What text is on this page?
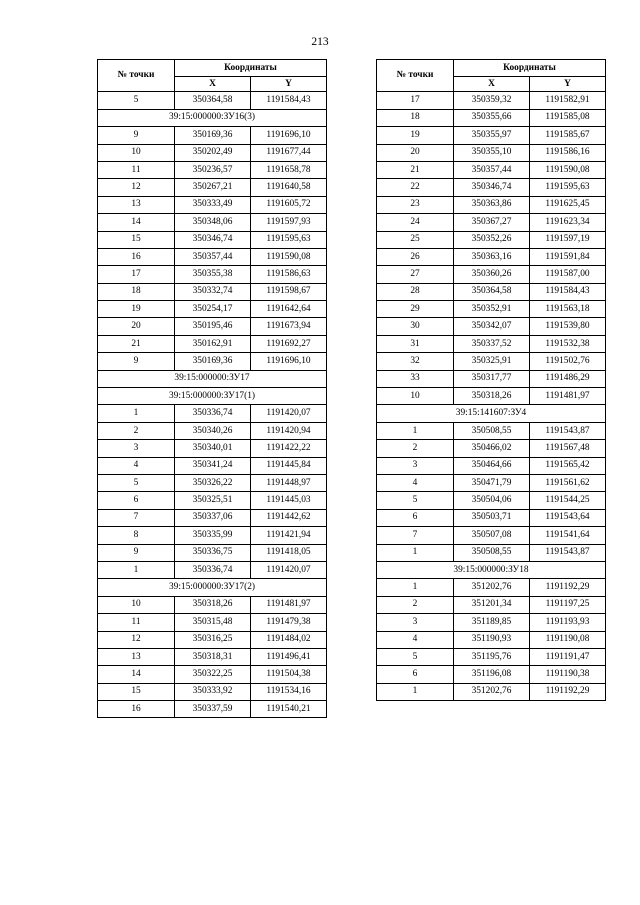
213
№ точки	Координаты	
	X	Y
5	350364,58	1191584,43
39:15:000000:ЗУ16(3)		
9	350169,36	1191696,10
10	350202,49	1191677,44
11	350236,57	1191658,78
12	350267,21	1191640,58
13	350333,49	1191605,72
14	350348,06	1191597,93
15	350346,74	1191595,63
16	350357,44	1191590,08
17	350355,38	1191586,63
18	350332,74	1191598,67
19	350254,17	1191642,64
20	350195,46	1191673,94
21	350162,91	1191692,27
9	350169,36	1191696,10
39:15:000000:ЗУ17		
39:15:000000:ЗУ17(1)		
1	350336,74	1191420,07
2	350340,26	1191420,94
3	350340,01	1191422,22
4	350341,24	1191445,84
5	350326,22	1191448,97
6	350325,51	1191445,03
7	350337,06	1191442,62
8	350335,99	1191421,94
9	350336,75	1191418,05
1	350336,74	1191420,07
39:15:000000:ЗУ17(2)		
10	350318,26	1191481,97
11	350315,48	1191479,38
12	350316,25	1191484,02
13	350318,31	1191496,41
14	350322,25	1191504,38
15	350333,92	1191534,16
16	350337,59	1191540,21
№ точки	Координаты	
	X	Y
17	350359,32	1191582,91
18	350355,66	1191585,08
19	350355,97	1191585,67
20	350355,10	1191586,16
21	350357,44	1191590,08
22	350346,74	1191595,63
23	350363,86	1191625,45
24	350367,27	1191623,34
25	350352,26	1191597,19
26	350363,16	1191591,84
27	350360,26	1191587,00
28	350364,58	1191584,43
29	350352,91	1191563,18
30	350342,07	1191539,80
31	350337,52	1191532,38
32	350325,91	1191502,76
33	350317,77	1191486,29
10	350318,26	1191481,97
39:15:141607:ЗУ4		
1	350508,55	1191543,87
2	350466,02	1191567,48
3	350464,66	1191565,42
4	350471,79	1191561,62
5	350504,06	1191544,25
6	350503,71	1191543,64
7	350507,08	1191541,64
1	350508,55	1191543,87
39:15:000000:ЗУ18		
1	351202,76	1191192,29
2	351201,34	1191197,25
3	351189,85	1191193,93
4	351190,93	1191190,08
5	351195,76	1191191,47
6	351196,08	1191190,38
1	351202,76	1191192,29
